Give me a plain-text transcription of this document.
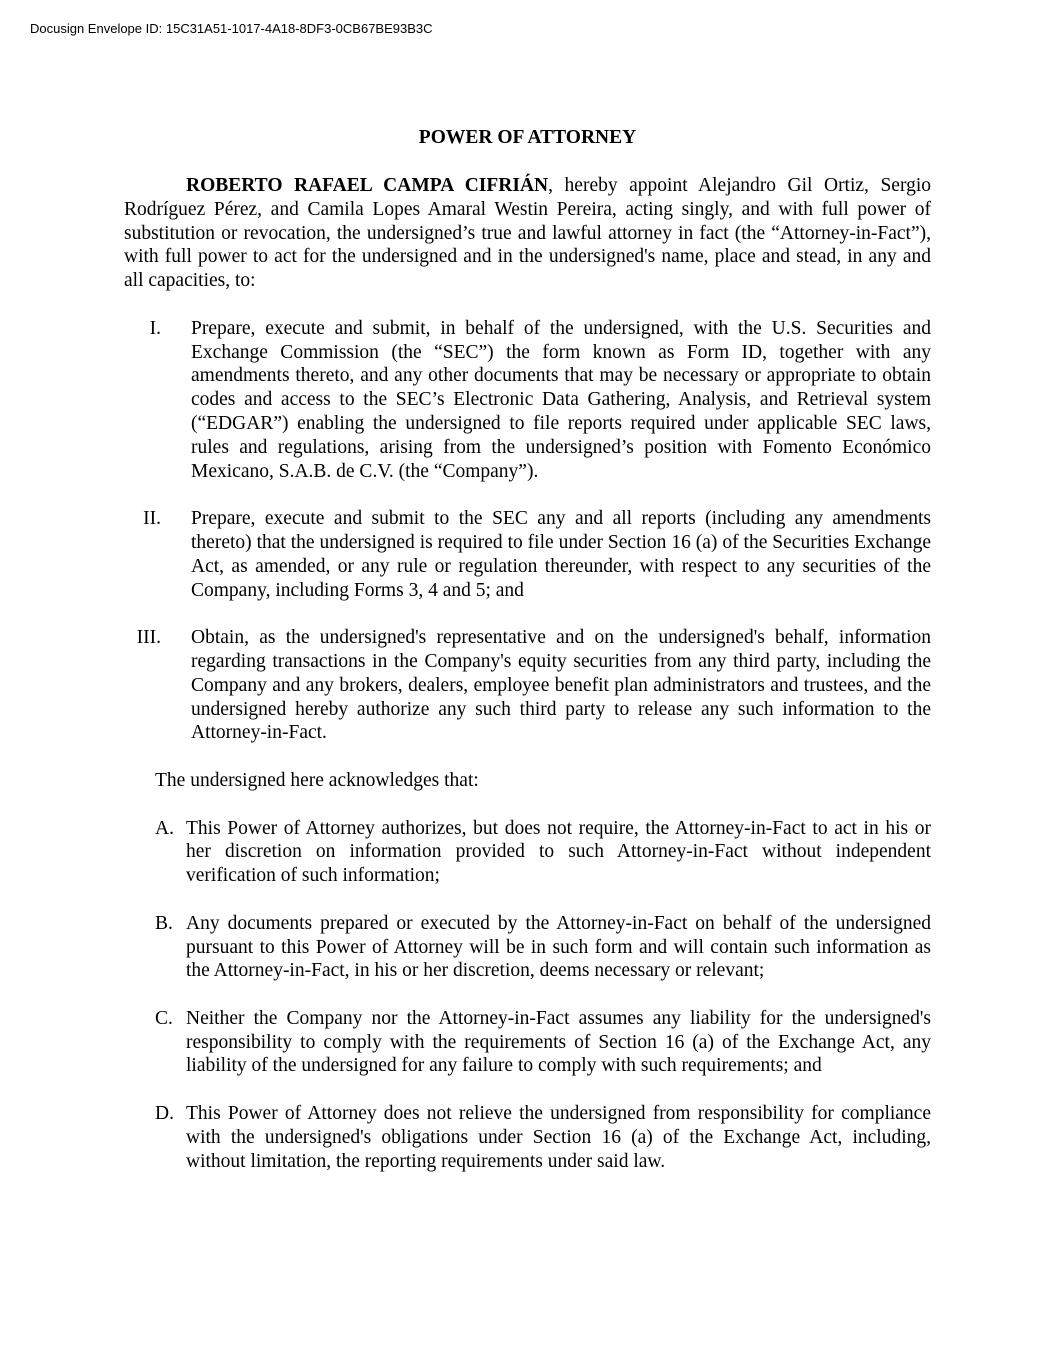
Docusign Envelope ID: 15C31A51-1017-4A18-8DF3-0CB67BE93B3C
POWER OF ATTORNEY

ROBERTO RAFAEL CAMPA CIFRIÁN, hereby appoint Alejandro Gil Ortiz, Sergio Rodríguez Pérez, and Camila Lopes Amaral Westin Pereira, acting singly, and with full power of substitution or revocation, the undersigned’s true and lawful attorney in fact (the “Attorney-in-Fact”), with full power to act for the undersigned and in the undersigned's name, place and stead, in any and all capacities, to:

I.	Prepare, execute and submit, in behalf of the undersigned, with the U.S. Securities and Exchange Commission (the “SEC”) the form known as Form ID, together with any amendments thereto, and any other documents that may be necessary or appropriate to obtain codes and access to the SEC’s Electronic Data Gathering, Analysis, and Retrieval system (“EDGAR”) enabling the undersigned to file reports required under applicable SEC laws, rules and regulations, arising from the undersigned’s position with Fomento Económico Mexicano, S.A.B. de C.V. (the “Company”).
II.	Prepare, execute and submit to the SEC any and all reports (including any amendments thereto) that the undersigned is required to file under Section 16 (a) of the Securities Exchange Act, as amended, or any rule or regulation thereunder, with respect to any securities of the Company, including Forms 3, 4 and 5; and
III.	Obtain, as the undersigned's representative and on the undersigned's behalf, information regarding transactions in the Company's equity securities from any third party, including the Company and any brokers, dealers, employee benefit plan administrators and trustees, and the undersigned hereby authorize any such third party to release any such information to the Attorney-in-Fact.

The undersigned here acknowledges that:

A. This Power of Attorney authorizes, but does not require, the Attorney-in-Fact to act in his or her discretion on information provided to such Attorney-in-Fact without independent verification of such information;
B. Any documents prepared or executed by the Attorney-in-Fact on behalf of the undersigned pursuant to this Power of Attorney will be in such form and will contain such information as the Attorney-in-Fact, in his or her discretion, deems necessary or relevant;
C. Neither the Company nor the Attorney-in-Fact assumes any liability for the undersigned's responsibility to comply with the requirements of Section 16 (a) of the Exchange Act, any liability of the undersigned for any failure to comply with such requirements; and
D. This Power of Attorney does not relieve the undersigned from responsibility for compliance with the undersigned's obligations under Section 16 (a) of the Exchange Act, including, without limitation, the reporting requirements under said law.
